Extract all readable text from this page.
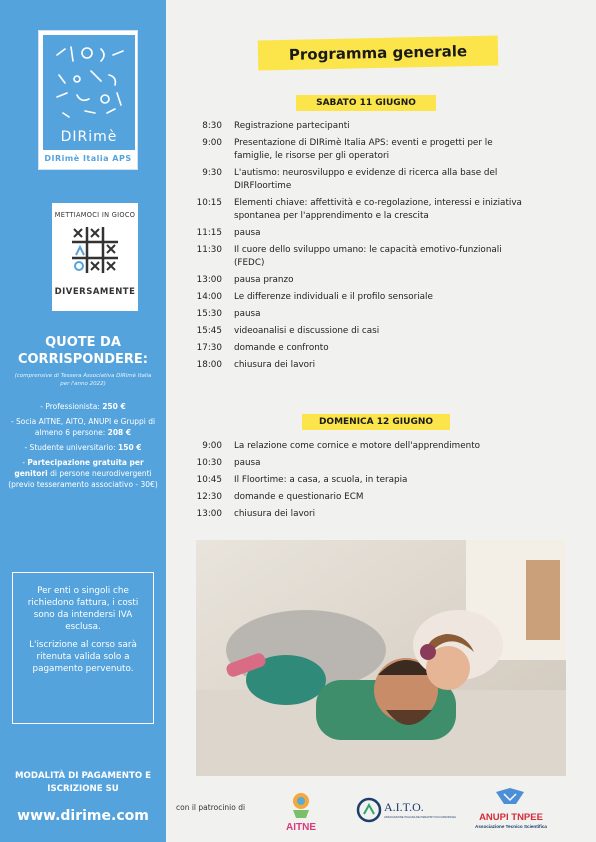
DIRimè
DIRimè Italia APS
METTIAMOCI IN GIOCO
DIVERSAMENTE
QUOTE DA CORRISPONDERE:
(comprensive di Tessera Associativa DIRimè Italia per l'anno 2022)
- Professionista: 250 €
- Socia AITNE, AITO, ANUPI e Gruppi di almeno 6 persone: 208 €
- Studente universitario: 150 €
- Partecipazione gratuita per genitori di persone neurodivergenti (previo tesseramento associativo - 30€)

Per enti o singoli che richiedono fattura, i costi sono da intendersi IVA esclusa.

L'iscrizione al corso sarà ritenuta valida solo a pagamento pervenuto.

MODALITÀ DI PAGAMENTO E ISCRIZIONE SU
www.dirime.com
Programma generale
SABATO 11 GIUGNO
8:30	Registrazione partecipanti
9:00	Presentazione di DIRimè Italia APS: eventi e progetti per le famiglie, le risorse per gli operatori
9:30	L'autismo: neurosviluppo e evidenze di ricerca alla base del DIRFloortime
10:15	Elementi chiave: affettività e co-regolazione, interessi e iniziativa spontanea per l'apprendimento e la crescita
11:15	pausa
11:30	Il cuore dello sviluppo umano: le capacità emotivo-funzionali (FEDC)
13:00	pausa pranzo
14:00	Le differenze individuali e il profilo sensoriale
15:30	pausa
15:45	videoanalisi e discussione di casi
17:30	domande e confronto
18:00	chiusura dei lavori
DOMENICA 12 GIUGNO
9:00	La relazione come cornice e motore dell'apprendimento
10:30	pausa
10:45	Il Floortime: a casa, a scuola, in terapia
12:30	domande e questionario ECM
13:00	chiusura dei lavori
con il patrocinio di
AITNE
A.I.T.O.
ASSOCIAZIONE ITALIANA DEI TERAPISTI OCCUPAZIONALI ANUPI TNPEE
Associazione Tecnico Scientifica
